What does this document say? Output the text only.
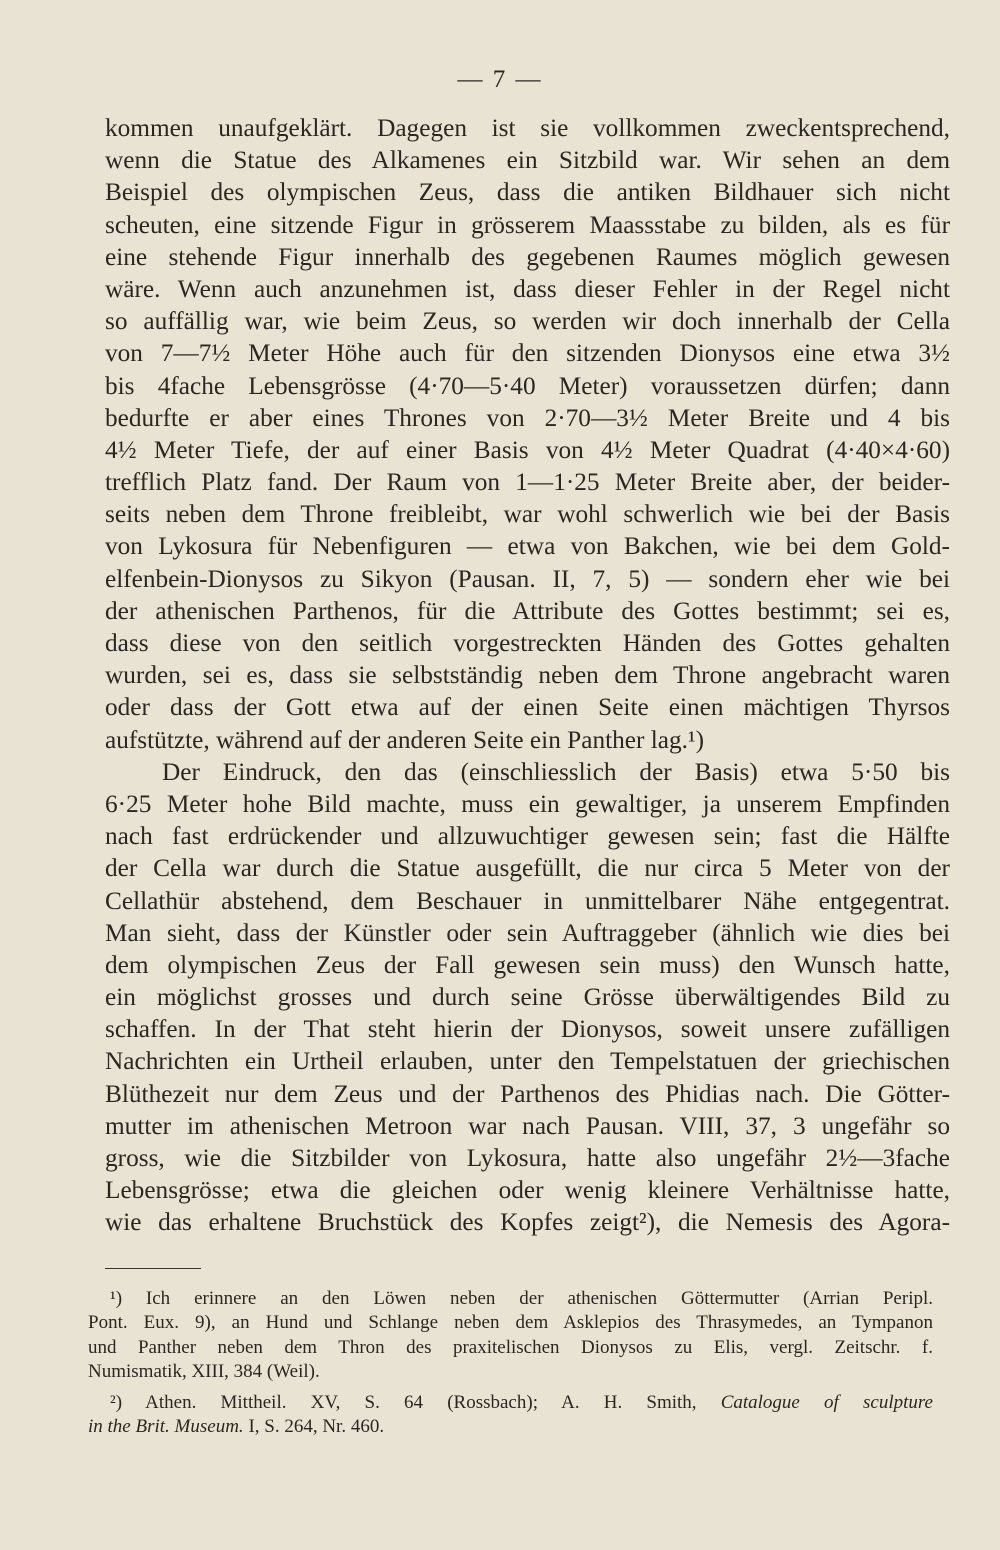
— 7 —
kommen unaufgeklärt. Dagegen ist sie vollkommen zweckentsprechend,
wenn die Statue des Alkamenes ein Sitzbild war. Wir sehen an dem
Beispiel des olympischen Zeus, dass die antiken Bildhauer sich nicht
scheuten, eine sitzende Figur in grösserem Maassstabe zu bilden, als es für
eine stehende Figur innerhalb des gegebenen Raumes möglich gewesen
wäre. Wenn auch anzunehmen ist, dass dieser Fehler in der Regel nicht
so auffällig war, wie beim Zeus, so werden wir doch innerhalb der Cella
von 7—7½ Meter Höhe auch für den sitzenden Dionysos eine etwa 3½
bis 4fache Lebensgrösse (4·70—5·40 Meter) voraussetzen dürfen; dann
bedurfte er aber eines Thrones von 2·70—3½ Meter Breite und 4 bis
4½ Meter Tiefe, der auf einer Basis von 4½ Meter Quadrat (4·40×4·60)
trefflich Platz fand. Der Raum von 1—1·25 Meter Breite aber, der beider-
seits neben dem Throne freibleibt, war wohl schwerlich wie bei der Basis
von Lykosura für Nebenfiguren — etwa von Bakchen, wie bei dem Gold-
elfenbein-Dionysos zu Sikyon (Pausan. II, 7, 5) — sondern eher wie bei
der athenischen Parthenos, für die Attribute des Gottes bestimmt; sei es,
dass diese von den seitlich vorgestreckten Händen des Gottes gehalten
wurden, sei es, dass sie selbstständig neben dem Throne angebracht waren
oder dass der Gott etwa auf der einen Seite einen mächtigen Thyrsos
aufstützte, während auf der anderen Seite ein Panther lag.¹)
Der Eindruck, den das (einschliesslich der Basis) etwa 5·50 bis
6·25 Meter hohe Bild machte, muss ein gewaltiger, ja unserem Empfinden
nach fast erdrückender und allzuwuchtiger gewesen sein; fast die Hälfte
der Cella war durch die Statue ausgefüllt, die nur circa 5 Meter von der
Cellathür abstehend, dem Beschauer in unmittelbarer Nähe entgegentrat.
Man sieht, dass der Künstler oder sein Auftraggeber (ähnlich wie dies bei
dem olympischen Zeus der Fall gewesen sein muss) den Wunsch hatte,
ein möglichst grosses und durch seine Grösse überwältigendes Bild zu
schaffen. In der That steht hierin der Dionysos, soweit unsere zufälligen
Nachrichten ein Urtheil erlauben, unter den Tempelstatuen der griechischen
Blüthezeit nur dem Zeus und der Parthenos des Phidias nach. Die Götter-
mutter im athenischen Metroon war nach Pausan. VIII, 37, 3 ungefähr so
gross, wie die Sitzbilder von Lykosura, hatte also ungefähr 2½—3fache
Lebensgrösse; etwa die gleichen oder wenig kleinere Verhältnisse hatte,
wie das erhaltene Bruchstück des Kopfes zeigt²), die Nemesis des Agora-
¹) Ich erinnere an den Löwen neben der athenischen Göttermutter (Arrian Peripl.
Pont. Eux. 9), an Hund und Schlange neben dem Asklepios des Thrasymedes, an Tympanon
und Panther neben dem Thron des praxitelischen Dionysos zu Elis, vergl. Zeitschr. f.
Numismatik, XIII, 384 (Weil).
²) Athen. Mittheil. XV, S. 64 (Rossbach); A. H. Smith, Catalogue of sculpture
in the Brit. Museum. I, S. 264, Nr. 460.
